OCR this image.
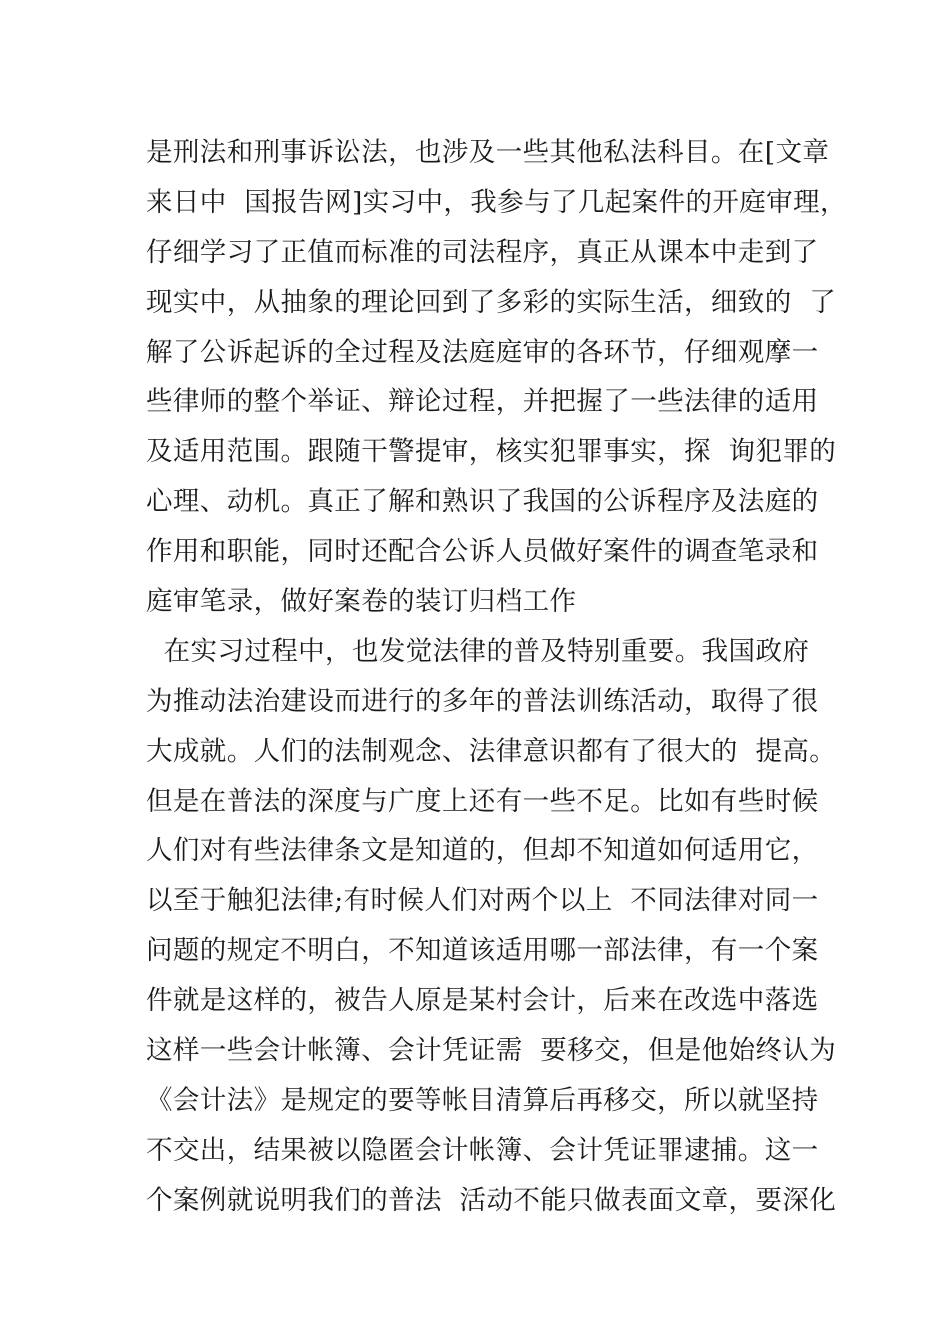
是刑法和刑事诉讼法，也涉及一些其他私法科目。在[文章
来日中  国报告网]实习中，我参与了几起案件的开庭审理，
仔细学习了正值而标准的司法程序，真正从课本中走到了
现实中，从抽象的理论回到了多彩的实际生活，细致的  了
解了公诉起诉的全过程及法庭庭审的各环节，仔细观摩一
些律师的整个举证、辩论过程，并把握了一些法律的适用
及适用范围。跟随干警提审，核实犯罪事实，探  询犯罪的
心理、动机。真正了解和熟识了我国的公诉程序及法庭的
作用和职能，同时还配合公诉人员做好案件的调查笔录和
庭审笔录，做好案卷的装订归档工作
在实习过程中，也发觉法律的普及特别重要。我国政府
为推动法治建设而进行的多年的普法训练活动，取得了很
大成就。人们的法制观念、法律意识都有了很大的  提高。
但是在普法的深度与广度上还有一些不足。比如有些时候
人们对有些法律条文是知道的，但却不知道如何适用它，
以至于触犯法律;有时候人们对两个以上  不同法律对同一
问题的规定不明白，不知道该适用哪一部法律，有一个案
件就是这样的，被告人原是某村会计，后来在改选中落选
这样一些会计帐簿、会计凭证需  要移交，但是他始终认为
《会计法》是规定的要等帐目清算后再移交，所以就坚持
不交出，结果被以隐匿会计帐簿、会计凭证罪逮捕。这一
个案例就说明我们的普法  活动不能只做表面文章，要深化
